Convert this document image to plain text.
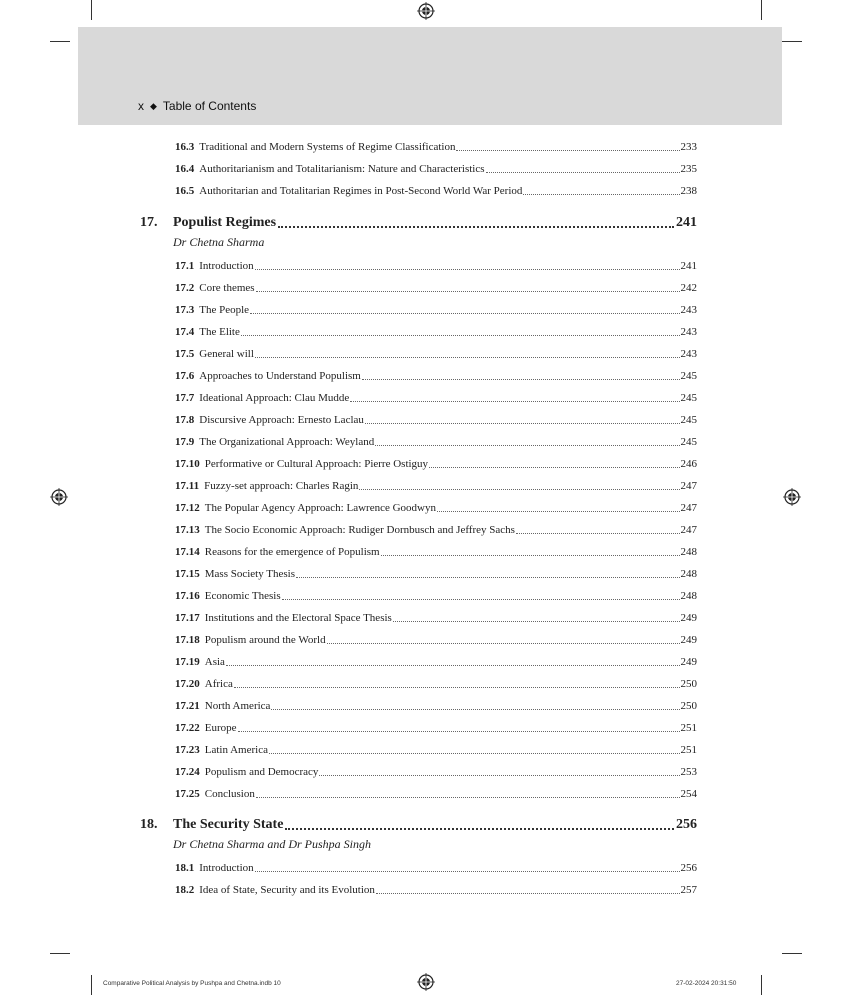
x ◆ Table of Contents
16.3 Traditional and Modern Systems of Regime Classification	233
16.4 Authoritarianism and Totalitarianism: Nature and Characteristics	235
16.5 Authoritarian and Totalitarian Regimes in Post-Second World War Period	238
17.	Populist Regimes	241
Dr Chetna Sharma
17.1 Introduction	241
17.2 Core themes	242
17.3 The People	243
17.4 The Elite	243
17.5 General will	243
17.6 Approaches to Understand Populism	245
17.7 Ideational Approach: Clau Mudde	245
17.8 Discursive Approach: Ernesto Laclau	245
17.9 The Organizational Approach: Weyland	245
17.10 Performative or Cultural Approach: Pierre Ostiguy	246
17.11 Fuzzy-set approach: Charles Ragin	247
17.12 The Popular Agency Approach: Lawrence Goodwyn	247
17.13 The Socio Economic Approach: Rudiger Dornbusch and Jeffrey Sachs	247
17.14 Reasons for the emergence of Populism	248
17.15 Mass Society Thesis	248
17.16 Economic Thesis	248
17.17 Institutions and the Electoral Space Thesis	249
17.18 Populism around the World	249
17.19 Asia	249
17.20 Africa	250
17.21 North America	250
17.22 Europe	251
17.23 Latin America	251
17.24 Populism and Democracy	253
17.25 Conclusion	254
18.	The Security State	256
Dr Chetna Sharma and Dr Pushpa Singh
18.1 Introduction	256
18.2 Idea of State, Security and its Evolution	257
Comparative Political Analysis by Pushpa and Chetna.indb 10	27-02-2024 20:31:50
